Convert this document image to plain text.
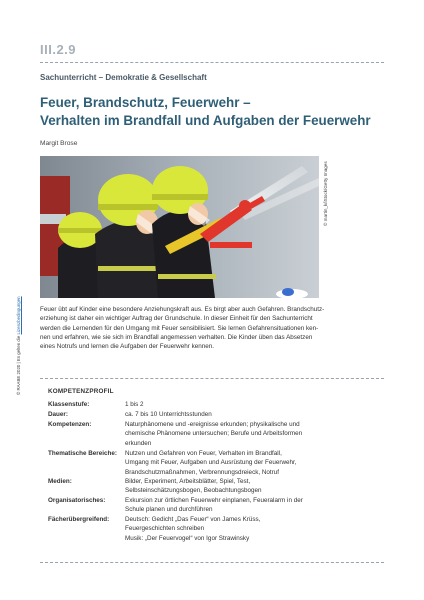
III.2.9
Sachunterricht – Demokratie & Gesellschaft
Feuer, Brandschutz, Feuerwehr –
Verhalten im Brandfall und Aufgaben der Feuerwehr
Margit Brose
© martin_k/iStock/Getty Images
© RAABE 2020 | Es gelten die Lizenzbedingungen	Feuer übt auf Kinder eine besondere Anziehungskraft aus. Es birgt aber auch Gefahren. Brandschutz-
erziehung ist daher ein wichtiger Auftrag der Grundschule. In dieser Einheit für den Sachunterricht
werden die Lernenden für den Umgang mit Feuer sensibilisiert. Sie lernen Gefahrensituationen ken-
nen und erfahren, wie sie sich im Brandfall angemessen verhalten. Die Kinder üben das Absetzen
eines Notrufs und lernen die Aufgaben der Feuerwehr kennen.
KOMPETENZPROFIL
Klassenstufe:	1 bis 2
Dauer:	ca. 7 bis 10 Unterrichtsstunden
Kompetenzen:	Naturphänomene und -ereignisse erkunden; physikalische und
chemische Phänomene untersuchen; Berufe und Arbeitsformen
erkunden
Thematische Bereiche: Nutzen und Gefahren von Feuer, Verhalten im Brandfall,
Umgang mit Feuer, Aufgaben und Ausrüstung der Feuerwehr,
Brandschutzmaßnahmen, Verbrennungsdreieck, Notruf
Medien:	Bilder, Experiment, Arbeitsblätter, Spiel, Test,
Selbsteinschätzungsbogen, Beobachtungsbogen
Organisatorisches:	Exkursion zur örtlichen Feuerwehr einplanen, Feueralarm in der
Schule planen und durchführen
Fächerübergreifend:	Deutsch: Gedicht „Das Feuer“ von James Krüss,
Feuergeschichten schreiben
Musik: „Der Feuervogel“ von Igor Strawinsky
